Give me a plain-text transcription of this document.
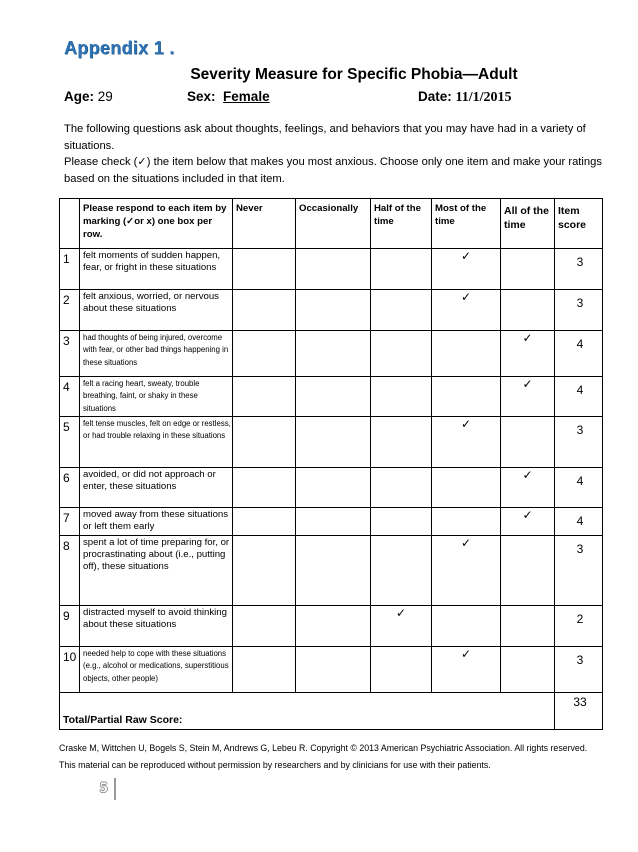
Appendix 1 .
Severity Measure for Specific Phobia—Adult
Age: 29	Sex: Female	Date: 11/1/2015

The following questions ask about thoughts, feelings, and behaviors that you may have had in a variety of situations.

Please check (✓) the item below that makes you most anxious. Choose only one item and make your ratings based on the situations included in that item.

	Please respond to each item by marking (✓or x) one box per row.	Never	Occasionally	Half of the time	Most of the time	All of the time	Item score
1	felt moments of sudden happen, fear, or fright in these situations				✓		3
2	felt anxious, worried, or nervous about these situations				✓		3
3	had thoughts of being injured, overcome with fear, or other bad things happening in these situations					✓	4
4	felt a racing heart, sweaty, trouble breathing, faint, or shaky in these situations					✓	4
5	felt tense muscles, felt on edge or restless, or had trouble relaxing in these situations				✓		3
6	avoided, or did not approach or enter, these situations					✓	4
7	moved away from these situations or left them early					✓	4
8	spent a lot of time preparing for, or procrastinating about (i.e., putting off), these situations				✓		3
9	distracted myself to avoid thinking about these situations			✓			2
10	needed help to cope with these situations (e.g., alcohol or medications, superstitious objects, other people)				✓		3
Total/Partial Raw Score:							33
Craske M, Wittchen U, Bogels S, Stein M, Andrews G, Lebeu R. Copyright © 2013 American Psychiatric Association. All rights reserved. This material can be reproduced without permission by researchers and by clinicians for use with their patients.
5
